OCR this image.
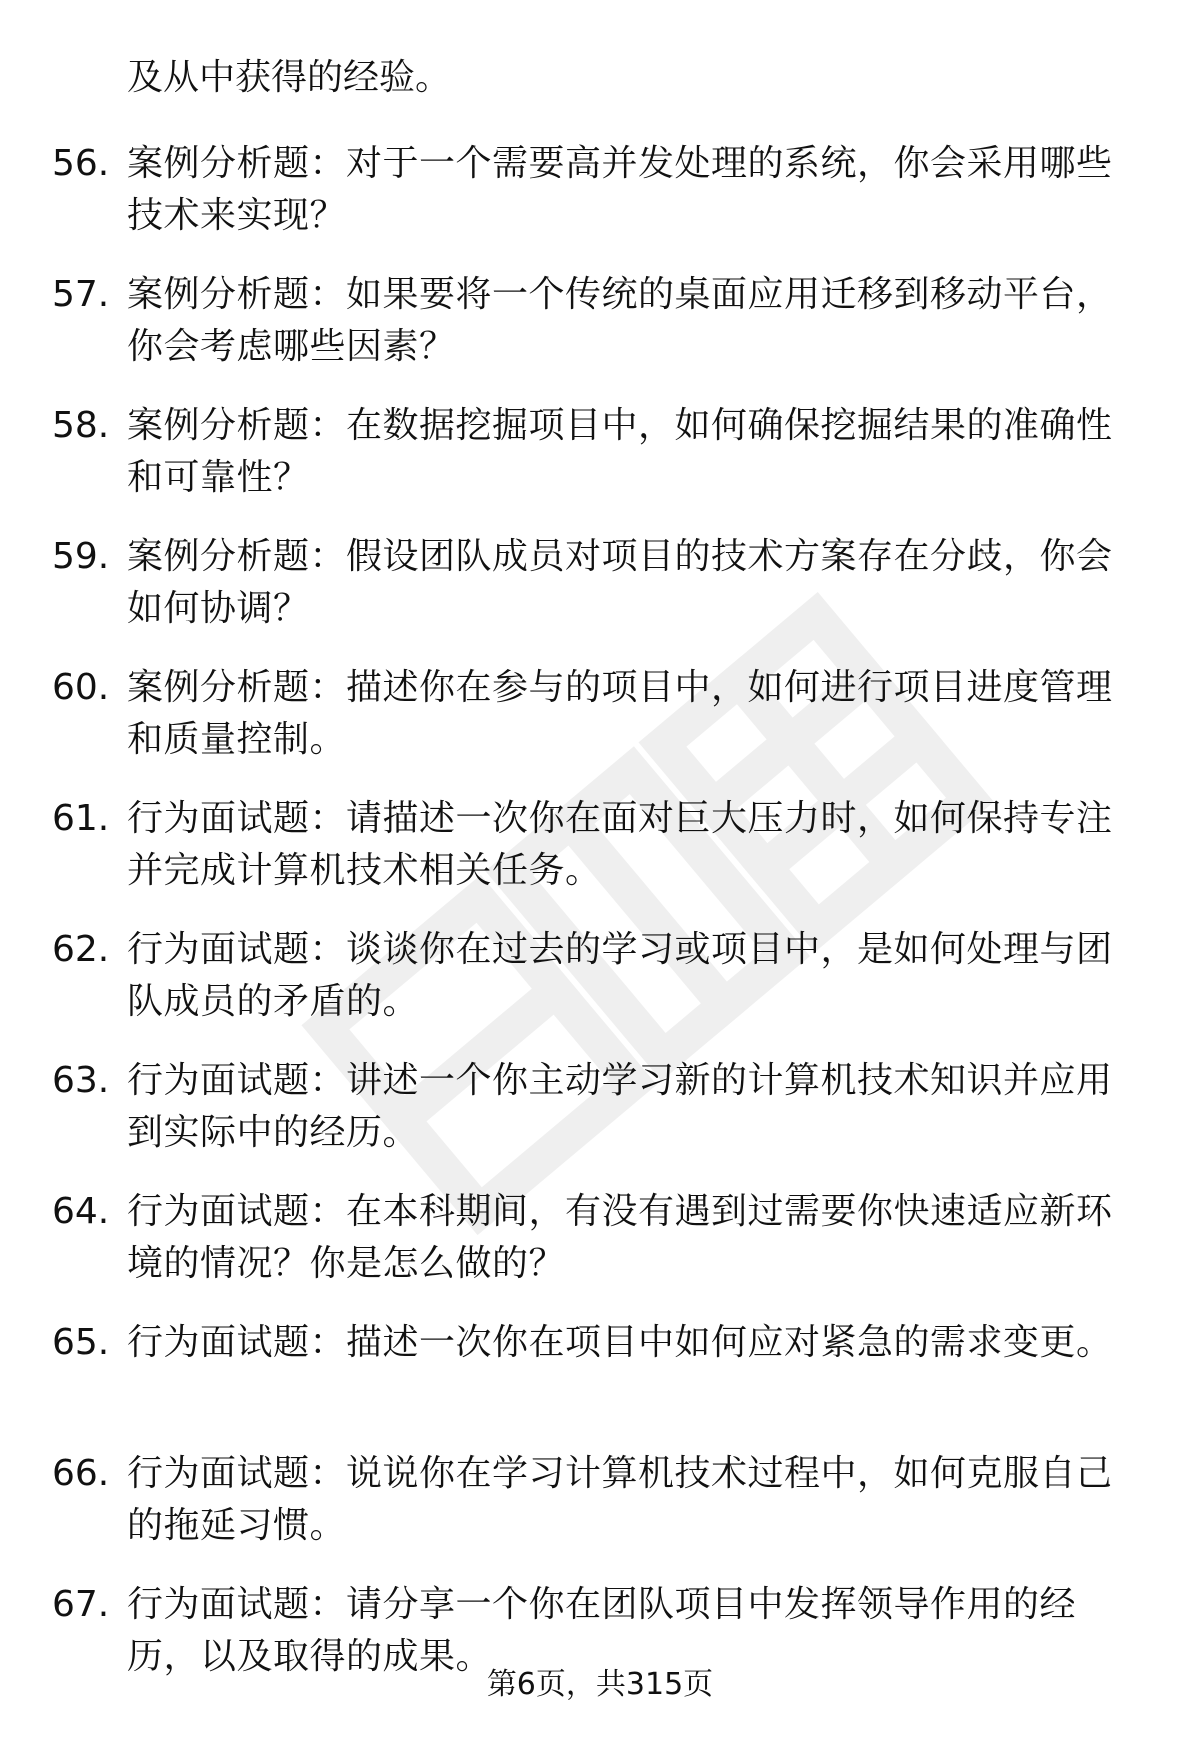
及从中获得的经验。

56. 案例分析题：对于一个需要高并发处理的系统，你会采用哪些技术来实现？
57. 案例分析题：如果要将一个传统的桌面应用迁移到移动平台，你会考虑哪些因素？
58. 案例分析题：在数据挖掘项目中，如何确保挖掘结果的准确性和可靠性？
59. 案例分析题：假设团队成员对项目的技术方案存在分歧，你会如何协调？
60. 案例分析题：描述你在参与的项目中，如何进行项目进度管理和质量控制。
61. 行为面试题：请描述一次你在面对巨大压力时，如何保持专注并完成计算机技术相关任务。
62. 行为面试题：谈谈你在过去的学习或项目中，是如何处理与团队成员的矛盾的。
63. 行为面试题：讲述一个你主动学习新的计算机技术知识并应用到实际中的经历。
64. 行为面试题：在本科期间，有没有遇到过需要你快速适应新环境的情况？你是怎么做的？
65. 行为面试题：描述一次你在项目中如何应对紧急的需求变更。
66. 行为面试题：说说你在学习计算机技术过程中，如何克服自己的拖延习惯。
67. 行为面试题：请分享一个你在团队项目中发挥领导作用的经历，以及取得的成果。
第6页，共315页
